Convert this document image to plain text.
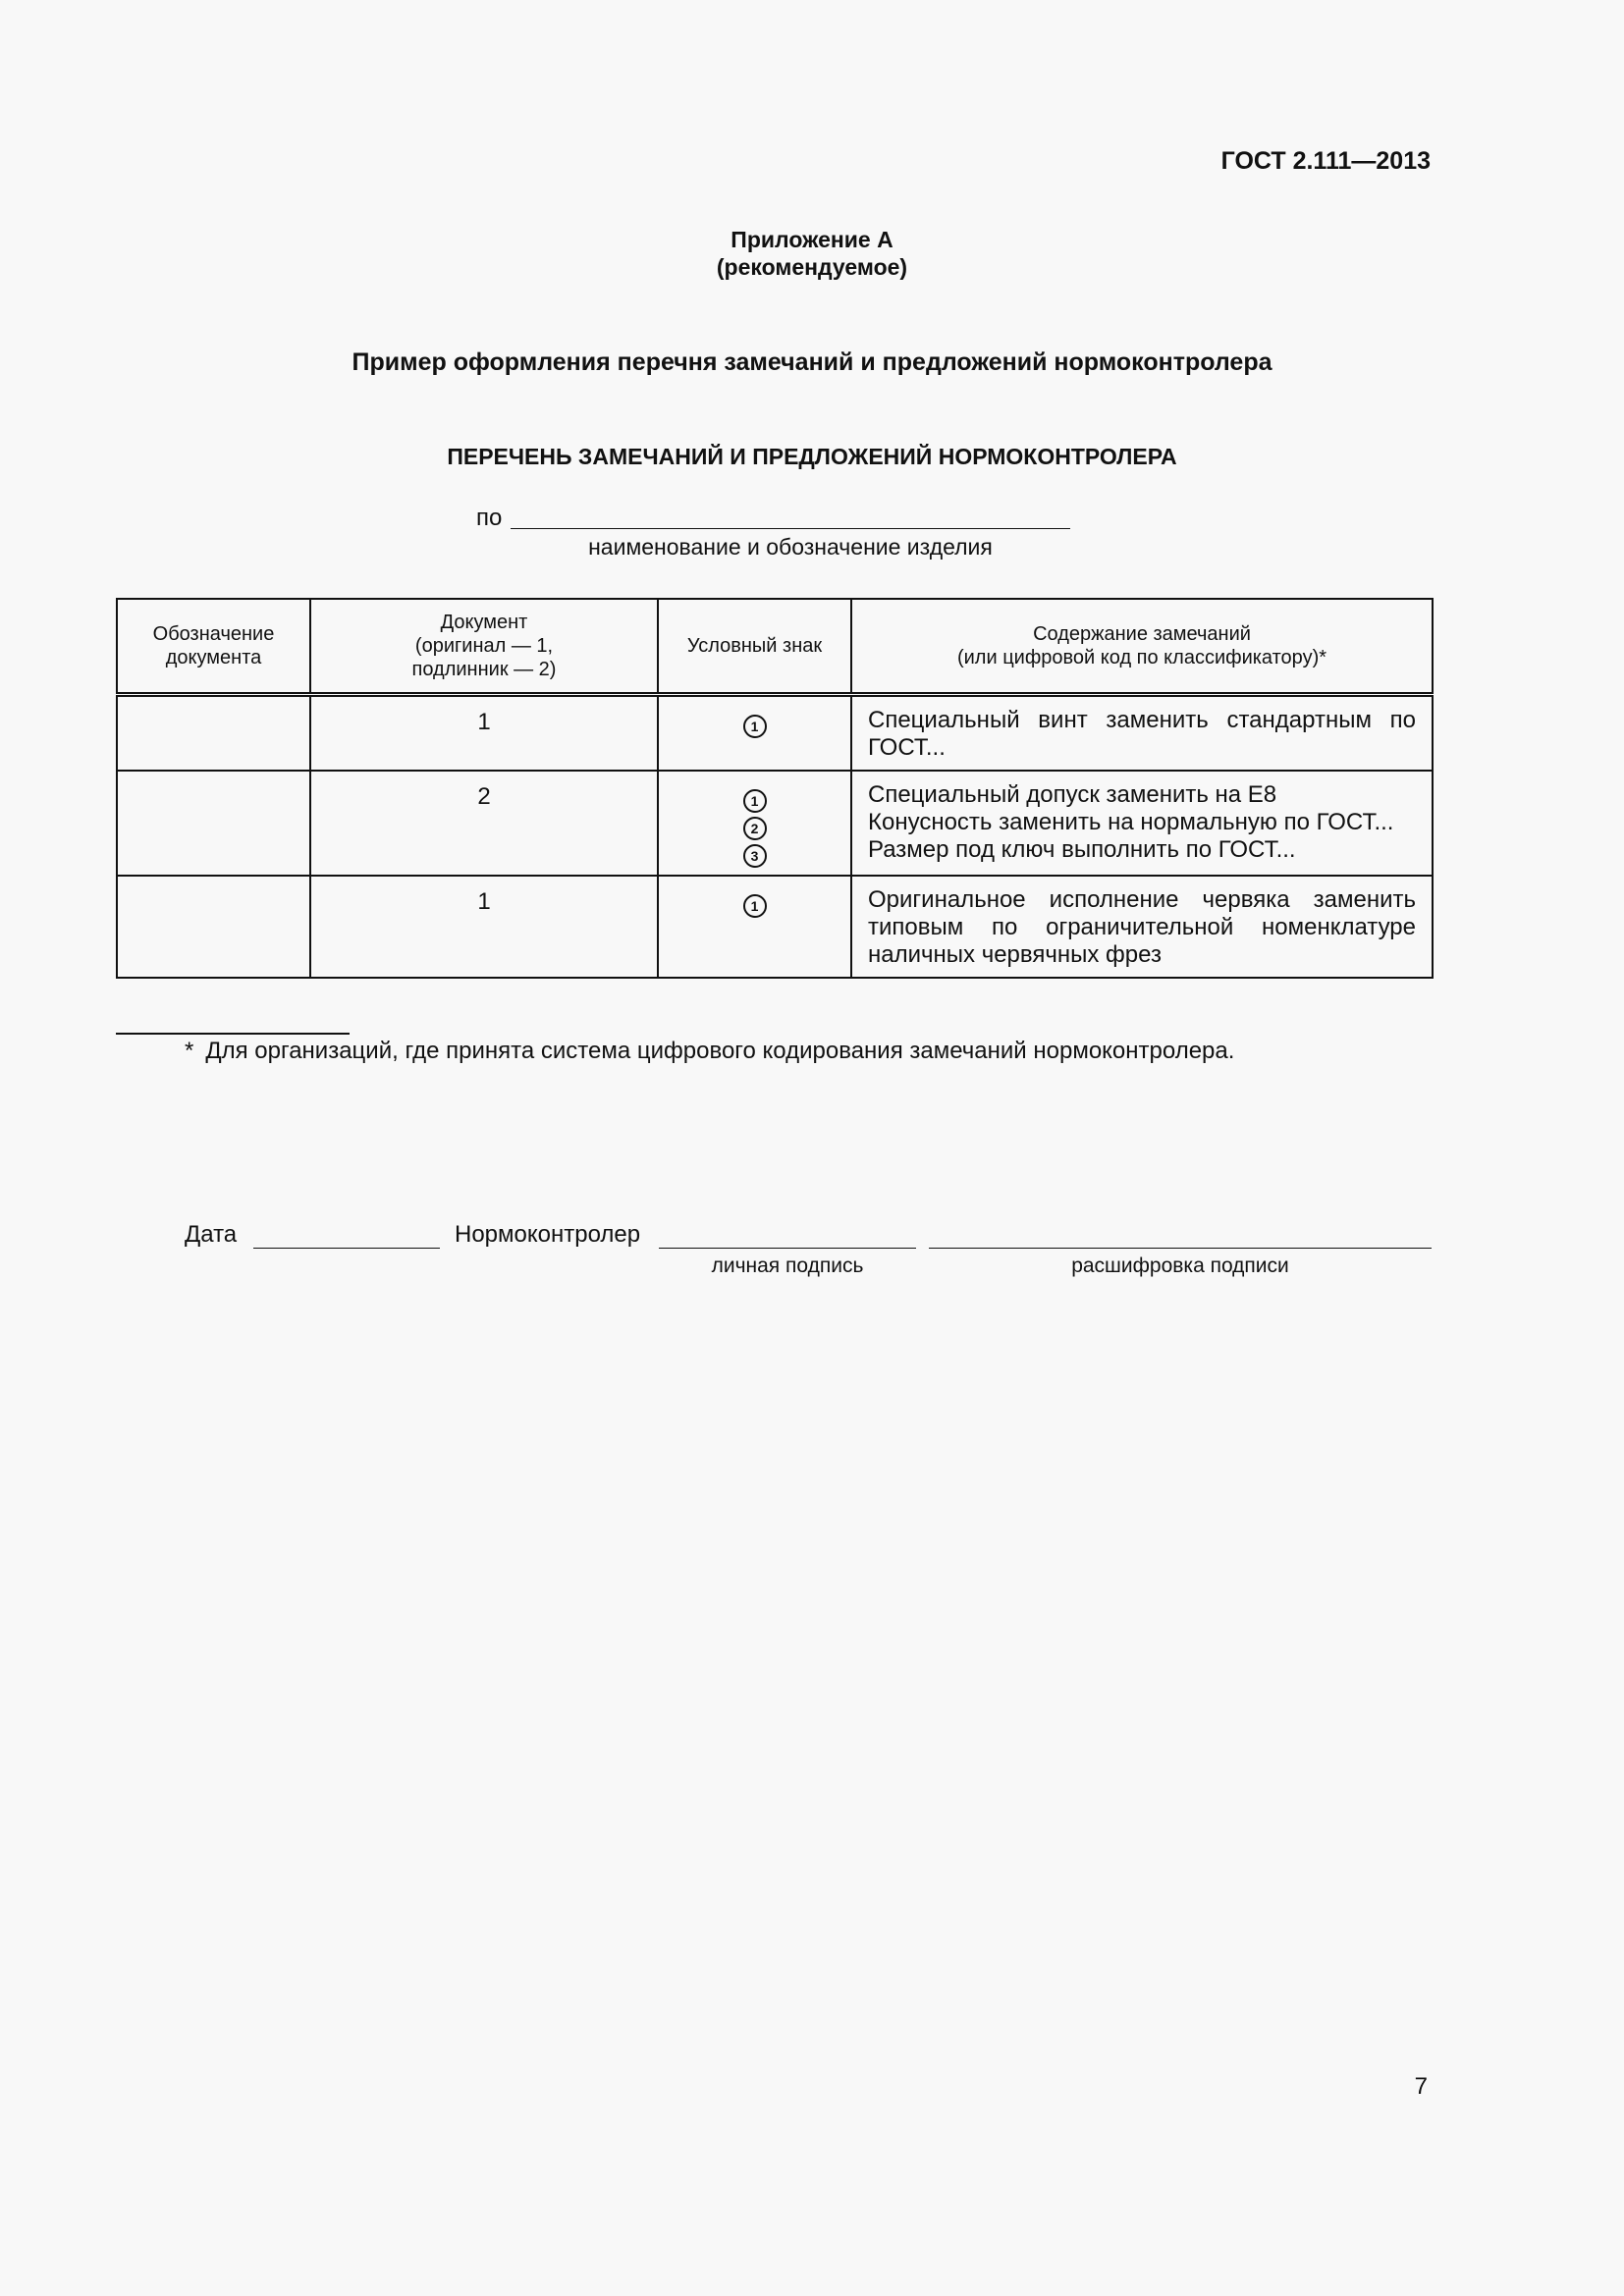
ГОСТ 2.111—2013
Приложение А
(рекомендуемое)
Пример оформления перечня замечаний и предложений нормоконтролера
ПЕРЕЧЕНЬ ЗАМЕЧАНИЙ И ПРЕДЛОЖЕНИЙ НОРМОКОНТРОЛЕРА
по
наименование и обозначение изделия
Обозначение
документа	Документ
(оригинал — 1,
подлинник — 2)	Условный знак	Содержание замечаний
(или цифровой код по классификатору)*

	1	1	Специальный винт заменить стандартным по ГОСТ...
	2	1
2
3	Специальный допуск заменить на Е8
Конусность заменить на нормальную по ГОСТ...
Размер под ключ выполнить по ГОСТ...

	1	1	Оригинальное исполнение червяка заменить типовым по ограничительной номенклатуре наличных червячных фрез
* Для организаций, где принята система цифрового кодирования замечаний нормоконтролера.
Дата	Нормоконтролер
личная подпись	расшифровка подписи
7
